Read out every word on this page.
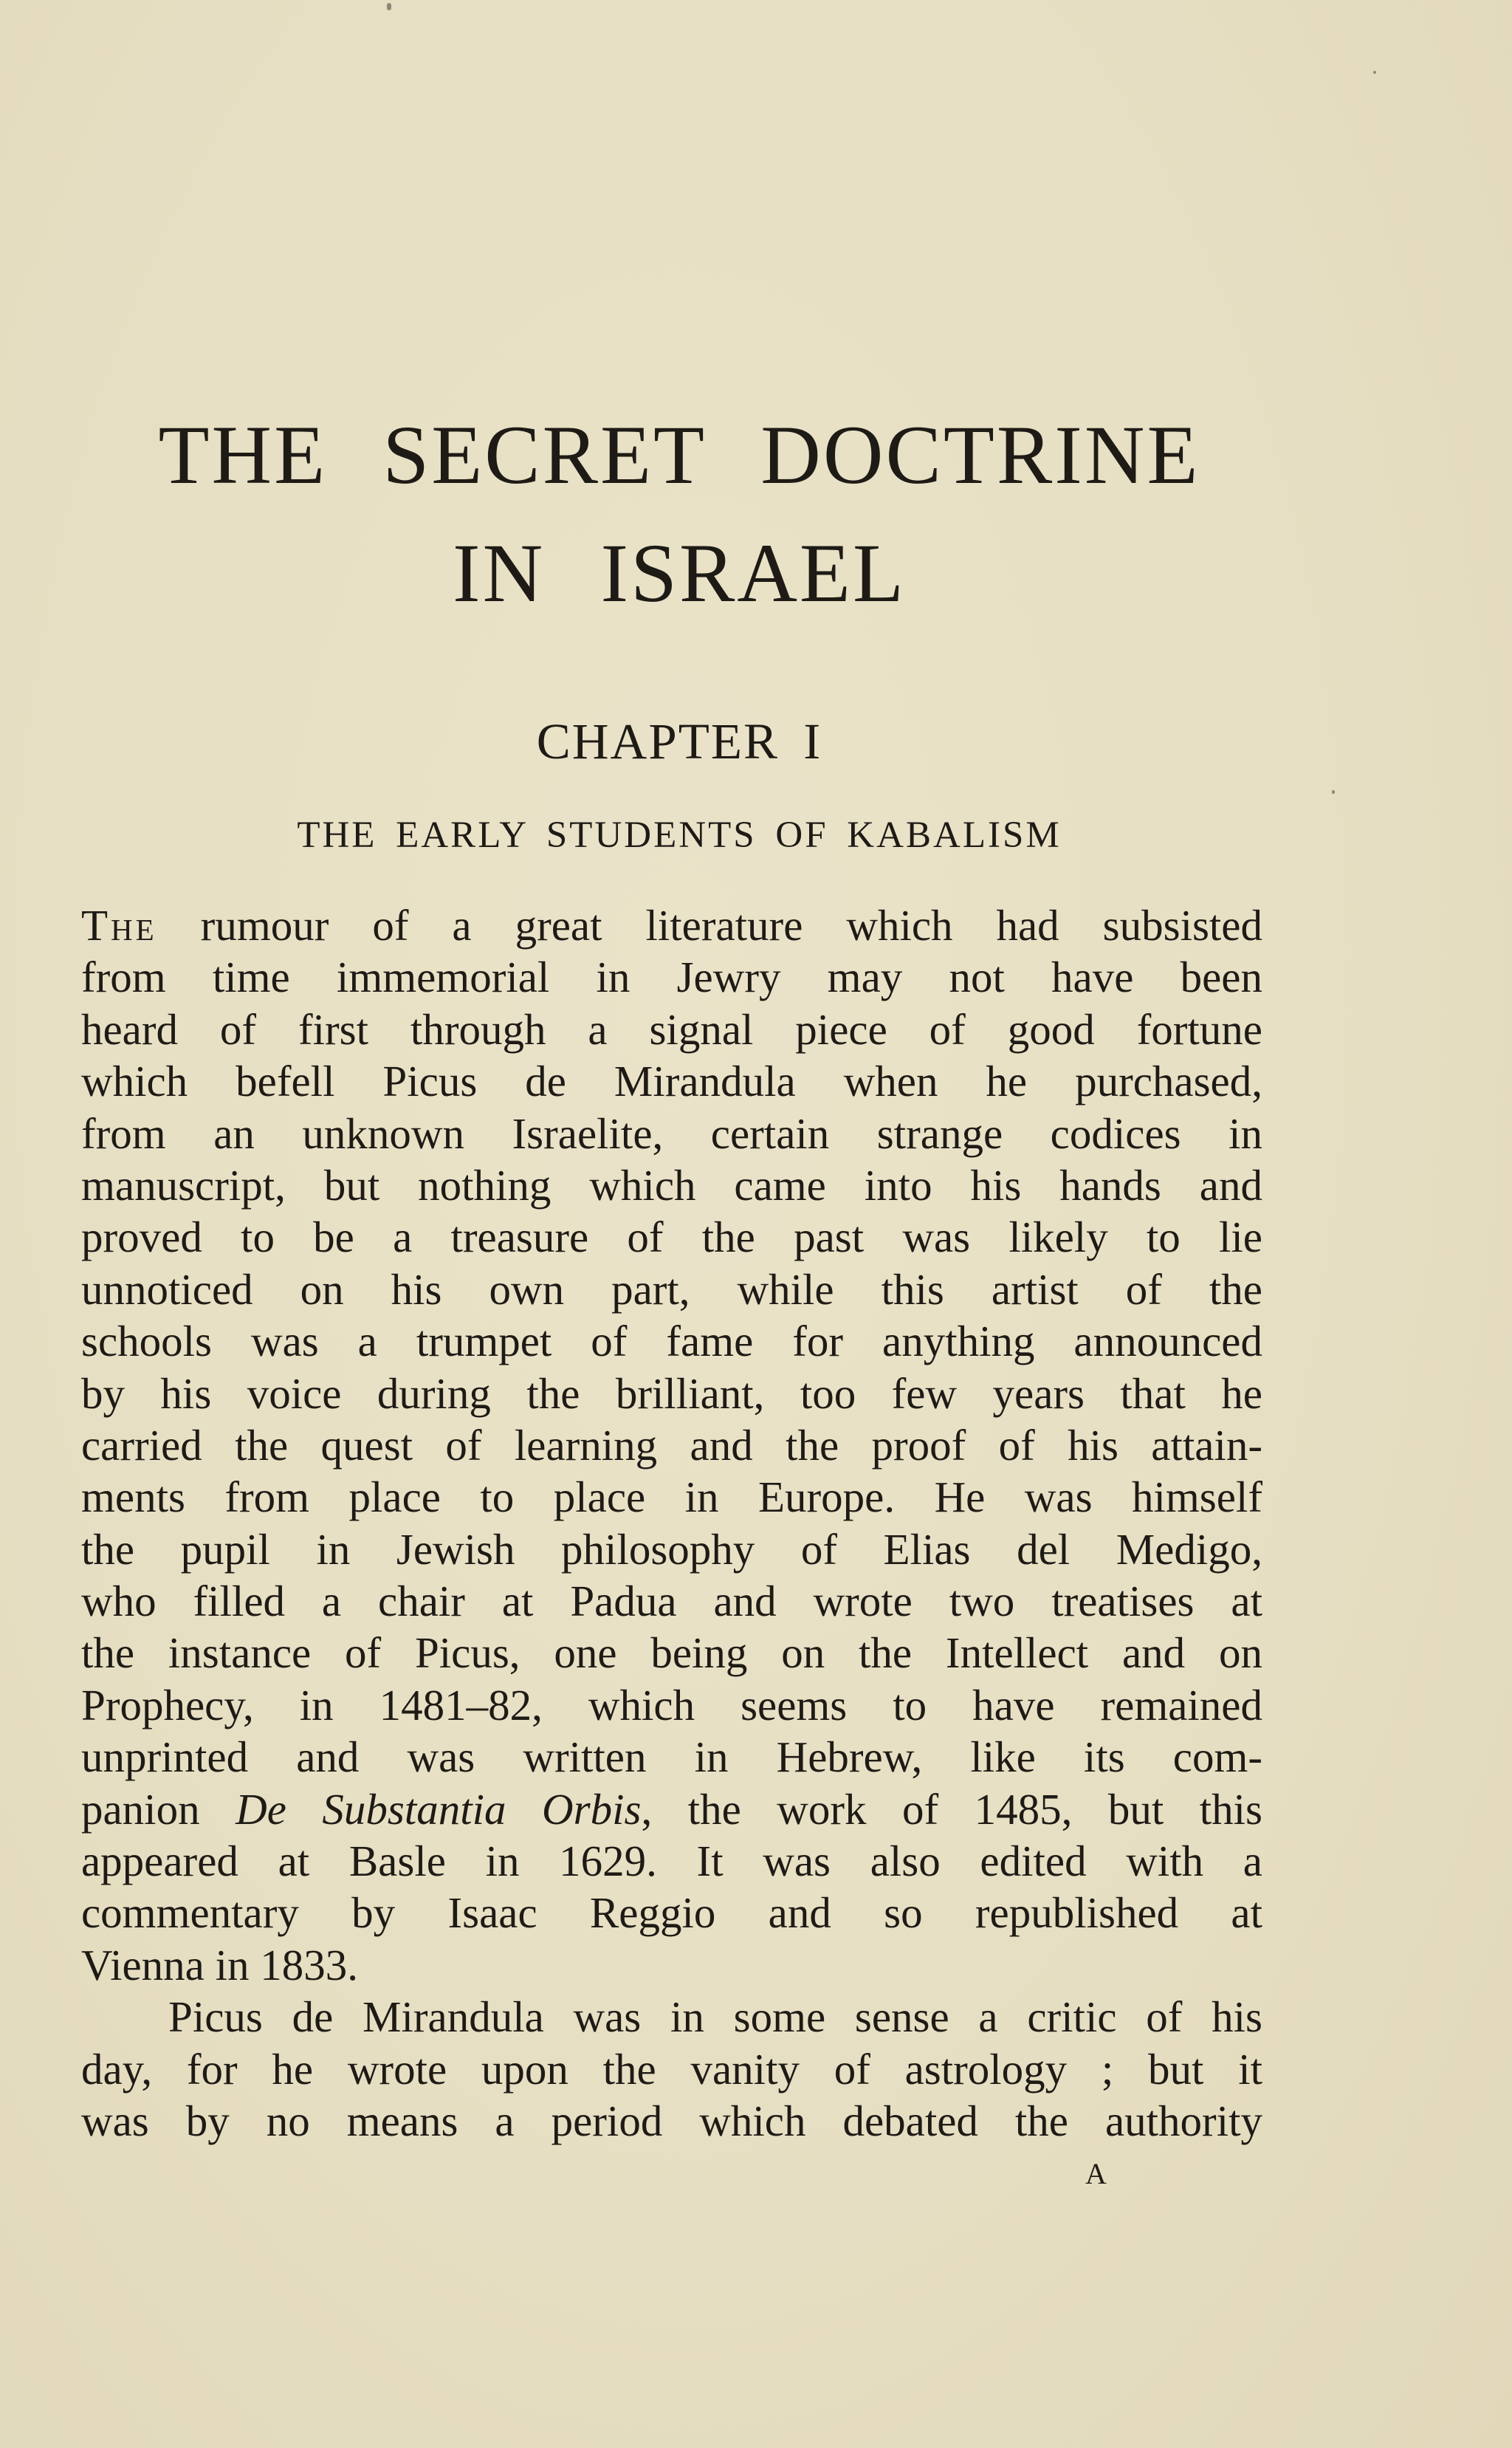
THE SECRET DOCTRINE
IN ISRAEL
CHAPTER I
THE EARLY STUDENTS OF KABALISM
The rumour of a great literature which had subsisted
from time immemorial in Jewry may not have been
heard of first through a signal piece of good fortune
which befell Picus de Mirandula when he purchased,
from an unknown Israelite, certain strange codices in
manuscript, but nothing which came into his hands and
proved to be a treasure of the past was likely to lie
unnoticed on his own part, while this artist of the
schools was a trumpet of fame for anything announced
by his voice during the brilliant, too few years that he
carried the quest of learning and the proof of his attain-
ments from place to place in Europe. He was himself
the pupil in Jewish philosophy of Elias del Medigo,
who filled a chair at Padua and wrote two treatises at
the instance of Picus, one being on the Intellect and on
Prophecy, in 1481–82, which seems to have remained
unprinted and was written in Hebrew, like its com-
panion De Substantia Orbis, the work of 1485, but this
appeared at Basle in 1629. It was also edited with a
commentary by Isaac Reggio and so republished at
Vienna in 1833.
Picus de Mirandula was in some sense a critic of his
day, for he wrote upon the vanity of astrology ; but it
was by no means a period which debated the authority
A
